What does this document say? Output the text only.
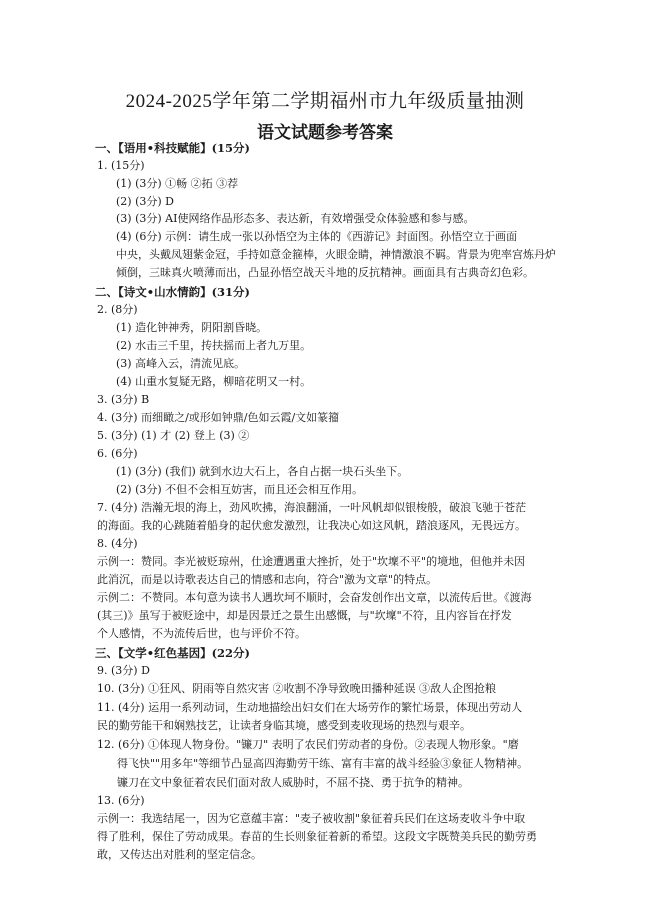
2024-2025学年第二学期福州市九年级质量抽测
语文试题参考答案
一、【语用•科技赋能】(15分)
1. (15分)
(1) (3分) ①畅 ②拓 ③荐
(2) (3分) D
(3) (3分) AI使网络作品形态多、表达新，有效增强受众体验感和参与感。
(4) (6分) 示例：请生成一张以孙悟空为主体的《西游记》封面图。孙悟空立于画面
中央，头戴凤翅紫金冠，手持如意金箍棒，火眼金睛，神情激浪不羁。背景为兜率宫炼丹炉
倾倒，三昧真火喷薄而出，凸显孙悟空战天斗地的反抗精神。画面具有古典奇幻色彩。
二、【诗文•山水情韵】(31分)
2. (8分)
(1) 造化钟神秀，阴阳割昏晓。
(2) 水击三千里，抟扶摇而上者九万里。
(3) 高峰入云，清流见底。
(4) 山重水复疑无路，柳暗花明又一村。
3. (3分) B
4. (3分) 而细瞰之/或形如钟鼎/色如云霞/文如篆籀
5. (3分) (1) 才 (2) 登上 (3) ②
6. (6分)
(1) (3分) (我们) 就到水边大石上，各自占据一块石头坐下。
(2) (3分) 不但不会相互妨害，而且还会相互作用。
7. (4分) 浩瀚无垠的海上，劲风吹拂，海浪翻涌，一叶风帆却似银梭般，破浪飞驰于苍茫
的海面。我的心跳随着船身的起伏愈发激烈，让我决心如这风帆，踏浪逐风，无畏远方。
8. (4分)
示例一：赞同。李光被贬琼州，仕途遭遇重大挫折，处于"坎壈不平"的境地，但他并未因
此消沉，而是以诗歌表达自己的情感和志向，符合"激为文章"的特点。
示例二：不赞同。本句意为读书人遇坎坷不顺时，会奋发创作出文章，以流传后世。《渡海
(其三)》虽写于被贬途中，却是因景迁之景生出感慨，与"坎壈"不符，且内容旨在抒发
个人感情，不为流传后世，也与评价不符。
三、【文学•红色基因】(22分)
9. (3分) D
10. (3分) ①狂风、阴雨等自然灾害 ②收割不净导致晚田播种延误 ③敌人企图抢粮
11. (4分) 运用一系列动词，生动地描绘出妇女们在大场劳作的繁忙场景，体现出劳动人
民的勤劳能干和娴熟技艺，让读者身临其境，感受到麦收现场的热烈与艰辛。
12. (6分) ①体现人物身份。"镰刀" 表明了农民们劳动者的身份。②表现人物形象。"磨
得飞快""用多年"等细节凸显高四海勤劳干练、富有丰富的战斗经验③象征人物精神。
镰刀在文中象征着农民们面对敌人威胁时，不屈不挠、勇于抗争的精神。
13. (6分)
示例一：我选结尾一，因为它意蕴丰富："麦子被收割"象征着兵民们在这场麦收斗争中取
得了胜利，保住了劳动成果。春苗的生长则象征着新的希望。这段文字既赞美兵民的勤劳勇
敢，又传达出对胜利的坚定信念。
